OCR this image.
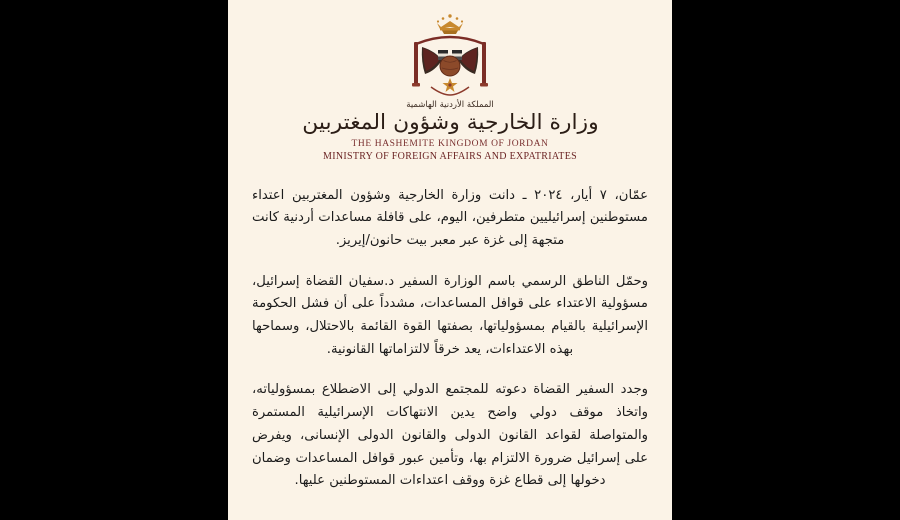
المملكة الأردنية الهاشمية
وزارة الخارجية وشؤون المغتربين
THE HASHEMITE KINGDOM OF JORDAN
MINISTRY OF FOREIGN AFFAIRS AND EXPATRIATES

عمّان، ٧ أيار، ٢٠٢٤ ـ دانت وزارة الخارجية وشؤون المغتربين اعتداء مستوطنين إسرائيليين متطرفين، اليوم، على قافلة مساعدات أردنية كانت متجهة إلى غزة عبر معبر بيت حانون/إيريز.

وحمّل الناطق الرسمي باسم الوزارة السفير د.سفيان القضاة إسرائيل، مسؤولية الاعتداء على قوافل المساعدات، مشدداً على أن فشل الحكومة الإسرائيلية بالقيام بمسؤولياتها، بصفتها القوة القائمة بالاحتلال، وسماحها بهذه الاعتداءات، يعد خرقاً لالتزاماتها القانونية.

وجدد السفير القضاة دعوته للمجتمع الدولي إلى الاضطلاع بمسؤولياته، واتخاذ موقف دولي واضح يدين الانتهاكات الإسرائيلية المستمرة والمتواصلة لقواعد القانون الدولى والقانون الدولى الإنسانى، ويفرض على إسرائيل ضرورة الالتزام بها، وتأمين عبور قوافل المساعدات وضمان دخولها إلى قطاع غزة ووقف اعتداءات المستوطنين عليها.
